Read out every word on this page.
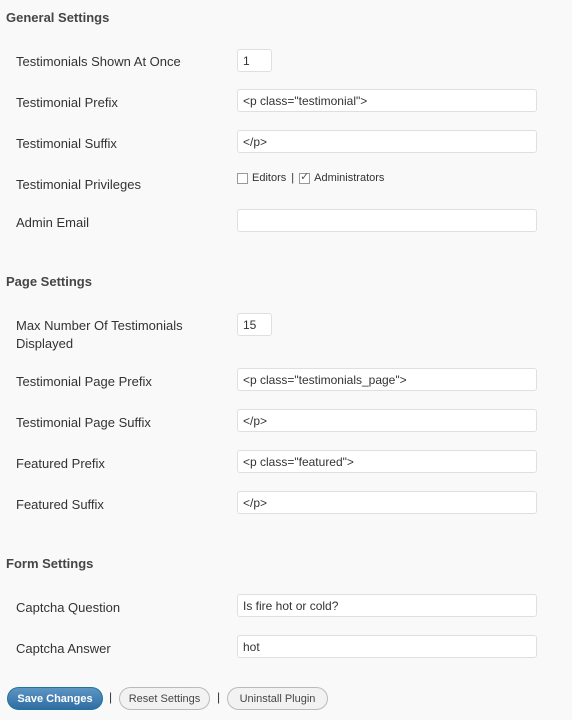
General Settings
Testimonials Shown At Once
1
Testimonial Prefix
<p class="testimonial">
Testimonial Suffix
</p>
Testimonial Privileges	Editors |
✓ Administrators
Admin Email
Page Settings
Max Number Of Testimonials Displayed
15
Testimonial Page Prefix
<p class="testimonials_page">
Testimonial Page Suffix
</p>
Featured Prefix
<p class="featured">
Featured Suffix
</p>
Form Settings
Captcha Question
Is fire hot or cold?
Captcha Answer
hot
Save Changes	|	Reset Settings	|	Uninstall Plugin
